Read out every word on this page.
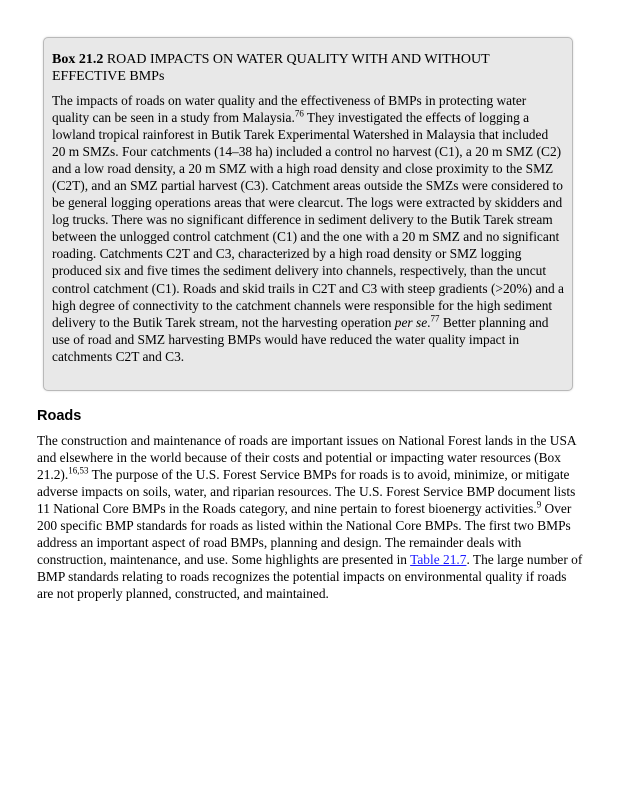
Box 21.2 ROAD IMPACTS ON WATER QUALITY WITH AND WITHOUT EFFECTIVE BMPs

The impacts of roads on water quality and the effectiveness of BMPs in protecting water quality can be seen in a study from Malaysia.$^{76}$ They investigated the effects of logging a lowland tropical rainforest in Butik Tarek Experimental Watershed in Malaysia that included 20 m SMZs. Four catchments (14–38 ha) included a control no harvest (C1), a 20 m SMZ (C2) and a low road density, a 20 m SMZ with a high road density and close proximity to the SMZ (C2T), and an SMZ partial harvest (C3). Catchment areas outside the SMZs were considered to be general logging operations areas that were clearcut. The logs were extracted by skidders and log trucks. There was no significant difference in sediment delivery to the Butik Tarek stream between the unlogged control catchment (C1) and the one with a 20 m SMZ and no significant roading. Catchments C2T and C3, characterized by a high road density or SMZ logging produced six and five times the sediment delivery into channels, respectively, than the uncut control catchment (C1). Roads and skid trails in C2T and C3 with steep gradients (>20%) and a high degree of connectivity to the catchment channels were responsible for the high sediment delivery to the Butik Tarek stream, not the harvesting operation per se.$^{77}$ Better planning and use of road and SMZ harvesting BMPs would have reduced the water quality impact in catchments C2T and C3.

Roads

The construction and maintenance of roads are important issues on National Forest lands in the USA and elsewhere in the world because of their costs and potential or impacting water resources (Box 21.2).$^{16,53}$ The purpose of the U.S. Forest Service BMPs for roads is to avoid, minimize, or mitigate adverse impacts on soils, water, and riparian resources. The U.S. Forest Service BMP document lists 11 National Core BMPs in the Roads category, and nine pertain to forest bioenergy activities.$^9$ Over 200 specific BMP standards for roads as listed within the National Core BMPs. The first two BMPs address an important aspect of road BMPs, planning and design. The remainder deals with construction, maintenance, and use. Some highlights are presented in Table 21.7. The large number of BMP standards relating to roads recognizes the potential impacts on environmental quality if roads are not properly planned, constructed, and maintained.
